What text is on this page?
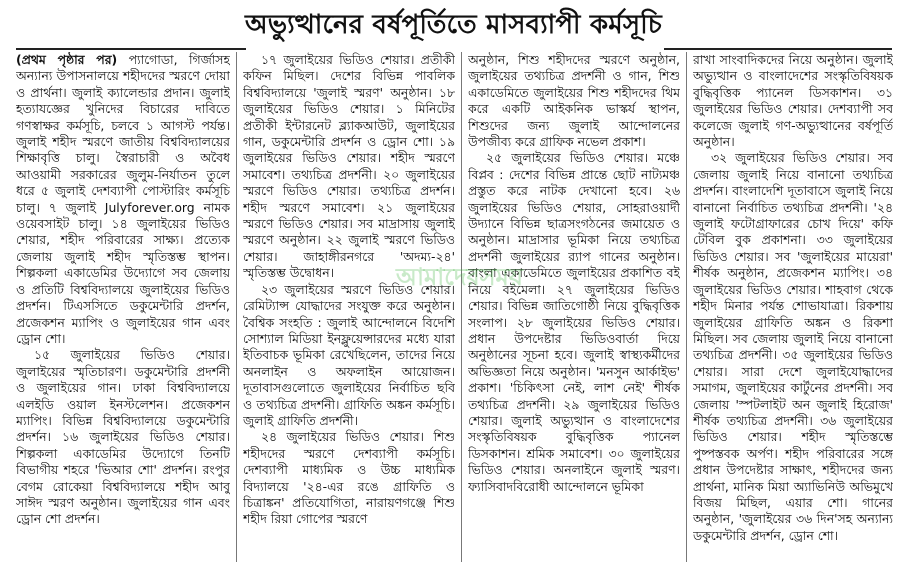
অভ্যুত্থানের বর্ষপূর্তিতে মাসব্যাপী কর্মসূচি

(প্রথম পৃষ্ঠার পর) প্যাগোডা, গির্জাসহ অন্যান্য উপাসনালয়ে শহীদদের স্মরণে দোয়া ও প্রার্থনা। জুলাই ক্যালেন্ডার প্রদান। জুলাই হত্যাযজ্ঞের খুনিদের বিচারের দাবিতে গণস্বাক্ষর কর্মসূচি, চলবে ১ আগস্ট পর্যন্ত। জুলাই শহীদ স্মরণে জাতীয় বিশ্ববিদ্যালয়ের শিক্ষাবৃত্তি চালু। স্বৈরাচারী ও অবৈধ আওয়ামী সরকারের জুলুম-নির্যাতন তুলে ধরে ৫ জুলাই দেশব্যাপী পোস্টারিং কর্মসূচি চালু। ৭ জুলাই Julyforever.org নামক ওয়েবসাইট চালু। ১৪ জুলাইয়ের ভিডিও শেয়ার, শহীদ পরিবারের সাক্ষ্য। প্রত্যেক জেলায় জুলাই শহীদ স্মৃতিস্তম্ভ স্থাপন। শিল্পকলা একাডেমির উদ্যোগে সব জেলায় ও প্রতিটি বিশ্ববিদ্যালয়ে জুলাইয়ের ভিডিও প্রদর্শন। টিএসসিতে ডকুমেন্টারি প্রদর্শন, প্রজেকশন ম্যাপিং ও জুলাইয়ের গান এবং ড্রোন শো।

১৫ জুলাইয়ের ভিডিও শেয়ার। জুলাইয়ের স্মৃতিচারণ। ডকুমেন্টারি প্রদর্শনী ও জুলাইয়ের গান। ঢাকা বিশ্ববিদ্যালয়ে এলইডি ওয়াল ইনস্টলেশন। প্রজেকশন ম্যাপিং। বিভিন্ন বিশ্ববিদ্যালয়ে ডকুমেন্টারি প্রদর্শন। ১৬ জুলাইয়ের ভিডিও শেয়ার। শিল্পকলা একাডেমির উদ্যোগে তিনটি বিভাগীয় শহরে 'ভিআর শো' প্রদর্শন। রংপুর বেগম রোকেয়া বিশ্ববিদ্যালয়ে শহীদ আবু সাঈদ স্মরণ অনুষ্ঠান। জুলাইয়ের গান এবং ড্রোন শো প্রদর্শন।

১৭ জুলাইয়ের ভিডিও শেয়ার। প্রতীকী কফিন মিছিল। দেশের বিভিন্ন পাবলিক বিশ্ববিদ্যালয়ে 'জুলাই স্মরণ' অনুষ্ঠান। ১৮ জুলাইয়ের ভিডিও শেয়ার। ১ মিনিটের প্রতীকী ইন্টারনেট ব্ল্যাকআউট, জুলাইয়ের গান, ডকুমেন্টারি প্রদর্শন ও ড্রোন শো। ১৯ জুলাইয়ের ভিডিও শেয়ার। শহীদ স্মরণে সমাবেশ। তথ্যচিত্র প্রদর্শনী। ২০ জুলাইয়ের স্মরণে ভিডিও শেয়ার। তথ্যচিত্র প্রদর্শন। শহীদ স্মরণে সমাবেশ। ২১ জুলাইয়ের স্মরণে ভিডিও শেয়ার। সব মাদ্রাসায় জুলাই স্মরণে অনুষ্ঠান। ২২ জুলাই স্মরণে ভিডিও শেয়ার। জাহাঙ্গীরনগরে 'অদম্য-২৪' স্মৃতিস্তম্ভ উদ্বোধন।

২৩ জুলাইয়ের স্মরণে ভিডিও শেয়ার। রেমিট্যান্স যোদ্ধাদের সংযুক্ত করে অনুষ্ঠান। বৈশ্বিক সংহতি : জুলাই আন্দোলনে বিদেশি সোশ্যাল মিডিয়া ইনফ্লুয়েন্সারদের মধ্যে যারা ইতিবাচক ভূমিকা রেখেছিলেন, তাদের নিয়ে অনলাইন ও অফলাইন আয়োজন। দূতাবাসগুলোতে জুলাইয়ের নির্বাচিত ছবি ও তথ্যচিত্র প্রদর্শনী। গ্রাফিতি অঙ্কন কর্মসূচি। জুলাই গ্রাফিতি প্রদর্শনী।

২৪ জুলাইয়ের ভিডিও শেয়ার। শিশু শহীদদের স্মরণে দেশব্যাপী কর্মসূচি। দেশব্যাপী মাধ্যমিক ও উচ্চ মাধ্যমিক বিদ্যালয়ে '২৪-এর রঙে গ্রাফিতি ও চিত্রাঙ্কন' প্রতিযোগিতা, নারায়ণগঞ্জে শিশু শহীদ রিয়া গোপের স্মরণে

অনুষ্ঠান, শিশু শহীদদের স্মরণে অনুষ্ঠান, জুলাইয়ের তথ্যচিত্র প্রদর্শনী ও গান, শিশু একাডেমিতে জুলাইয়ের শিশু শহীদদের থিম করে একটি আইকনিক ভাস্কর্য স্থাপন, শিশুদের জন্য জুলাই আন্দোলনের উপজীব্য করে গ্রাফিক নভেল প্রকাশ।

২৫ জুলাইয়ের ভিডিও শেয়ার। মঞ্চে বিপ্লব : দেশের বিভিন্ন প্রান্তে ছোট নাট্যমঞ্চ প্রস্তুত করে নাটক দেখানো হবে। ২৬ জুলাইয়ের ভিডিও শেয়ার, সোহরাওয়ার্দী উদ্যানে বিভিন্ন ছাত্রসংগঠনের জমায়েত ও অনুষ্ঠান। মাদ্রাসার ভূমিকা নিয়ে তথ্যচিত্র প্রদর্শনী জুলাইয়ের র‌্যাপ গানের অনুষ্ঠান। বাংলা একাডেমিতে জুলাইয়ের প্রকাশিত বই নিয়ে বইমেলা। ২৭ জুলাইয়ের ভিডিও শেয়ার। বিভিন্ন জাতিগোষ্ঠী নিয়ে বুদ্ধিবৃত্তিক সংলাপ। ২৮ জুলাইয়ের ভিডিও শেয়ার। প্রধান উপদেষ্টার ভিডিওবার্তা দিয়ে অনুষ্ঠানের সূচনা হবে। জুলাই স্বাস্থ্যকর্মীদের অভিজ্ঞতা নিয়ে অনুষ্ঠান। 'মনসুন আর্কাইভ' প্রকাশ। 'চিকিৎসা নেই, লাশ নেই' শীর্ষক তথ্যচিত্র প্রদর্শনী। ২৯ জুলাইয়ের ভিডিও শেয়ার। জুলাই অভ্যুত্থান ও বাংলাদেশের সংস্কৃতিবিষয়ক বুদ্ধিবৃত্তিক প্যানেল ডিসকাশন। শ্রমিক সমাবেশ। ৩০ জুলাইয়ের ভিডিও শেয়ার। অনলাইনে জুলাই স্মরণ। ফ্যাসিবাদবিরোধী আন্দোলনে ভূমিকা

রাখা সাংবাদিকদের নিয়ে অনুষ্ঠান। জুলাই অভ্যুত্থান ও বাংলাদেশের সংস্কৃতিবিষয়ক বুদ্ধিবৃত্তিক প্যানেল ডিসকাশন। ৩১ জুলাইয়ের ভিডিও শেয়ার। দেশব্যাপী সব কলেজে জুলাই গণ-অভ্যুত্থানের বর্ষপূর্তি অনুষ্ঠান।

৩২ জুলাইয়ের ভিডিও শেয়ার। সব জেলায় জুলাই নিয়ে বানানো তথ্যচিত্র প্রদর্শন। বাংলাদেশি দূতাবাসে জুলাই নিয়ে বানানো নির্বাচিত তথ্যচিত্র প্রদর্শনী। '২৪ জুলাই ফটোগ্রাফারের চোখ দিয়ে' কফি টেবিল বুক প্রকাশনা। ৩৩ জুলাইয়ের ভিডিও শেয়ার। সব 'জুলাইয়ের মায়েরা' শীর্ষক অনুষ্ঠান, প্রজেকশন ম্যাপিং। ৩৪ জুলাইয়ের ভিডিও শেয়ার। শাহবাগ থেকে শহীদ মিনার পর্যন্ত শোভাযাত্রা। রিকশায় জুলাইয়ের গ্রাফিতি অঙ্কন ও রিকশা মিছিল। সব জেলায় জুলাই নিয়ে বানানো তথ্যচিত্র প্রদর্শনী। ৩৫ জুলাইয়ের ভিডিও শেয়ার। সারা দেশে জুলাইযোদ্ধাদের সমাগম, জুলাইয়ের কার্টুনের প্রদর্শনী। সব জেলায় 'স্পটলাইট অন জুলাই হিরোজ' শীর্ষক তথ্যচিত্র প্রদর্শনী। ৩৬ জুলাইয়ের ভিডিও শেয়ার। শহীদ স্মৃতিস্তম্ভে পুষ্পস্তবক অর্পণ। শহীদ পরিবারের সঙ্গে প্রধান উপদেষ্টার সাক্ষাৎ, শহীদদের জন্য প্রার্থনা, মানিক মিয়া অ্যাভিনিউ অভিমুখে বিজয় মিছিল, এয়ার শো। গানের অনুষ্ঠান, 'জুলাইয়ের ৩৬ দিন'সহ অন্যান্য ডকুমেন্টারি প্রদর্শন, ড্রোন শো।

আমাদেরসময়
